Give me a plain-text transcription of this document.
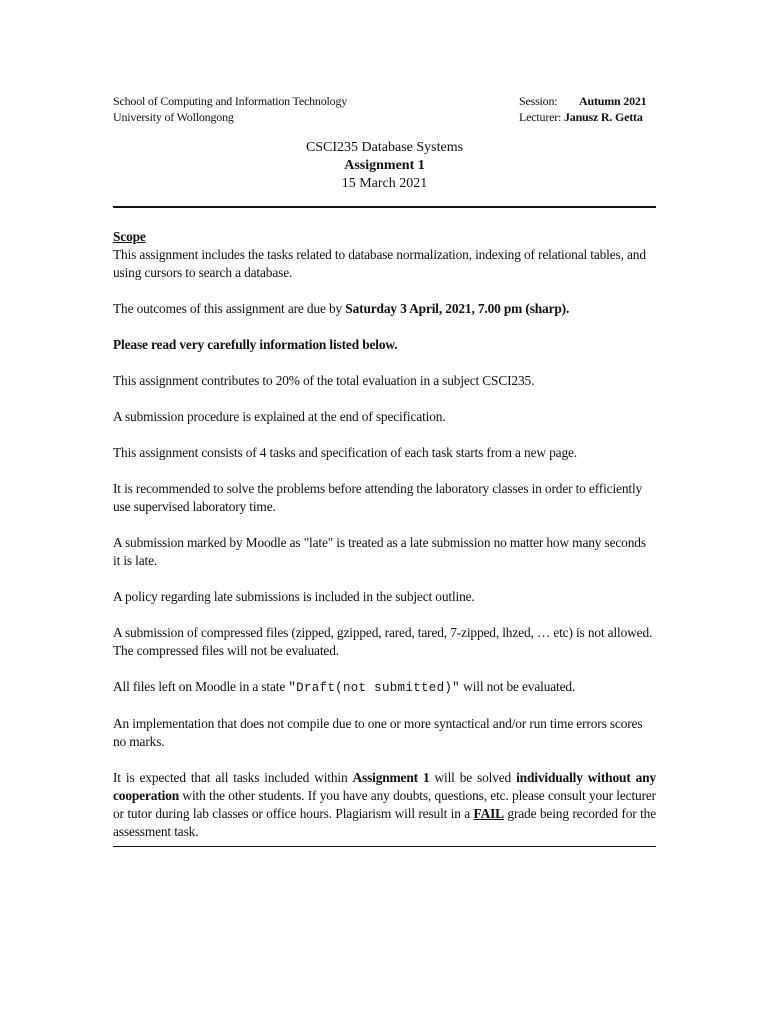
School of Computing and Information Technology
University of Wollongong
Session: Autumn 2021
Lecturer: Janusz R. Getta
CSCI235 Database Systems
Assignment 1
15 March 2021

Scope
This assignment includes the tasks related to database normalization, indexing of relational tables, and using cursors to search a database.

The outcomes of this assignment are due by Saturday 3 April, 2021, 7.00 pm (sharp).

Please read very carefully information listed below.

This assignment contributes to 20% of the total evaluation in a subject CSCI235.

A submission procedure is explained at the end of specification.

This assignment consists of 4 tasks and specification of each task starts from a new page.

It is recommended to solve the problems before attending the laboratory classes in order to efficiently use supervised laboratory time.

A submission marked by Moodle as "late" is treated as a late submission no matter how many seconds it is late.

A policy regarding late submissions is included in the subject outline.

A submission of compressed files (zipped, gzipped, rared, tared, 7-zipped, lhzed, … etc) is not allowed. The compressed files will not be evaluated.

All files left on Moodle in a state "Draft(not submitted)" will not be evaluated.

An implementation that does not compile due to one or more syntactical and/or run time errors scores no marks.

It is expected that all tasks included within Assignment 1 will be solved individually without any cooperation with the other students. If you have any doubts, questions, etc. please consult your lecturer or tutor during lab classes or office hours. Plagiarism will result in a FAIL grade being recorded for the assessment task.
